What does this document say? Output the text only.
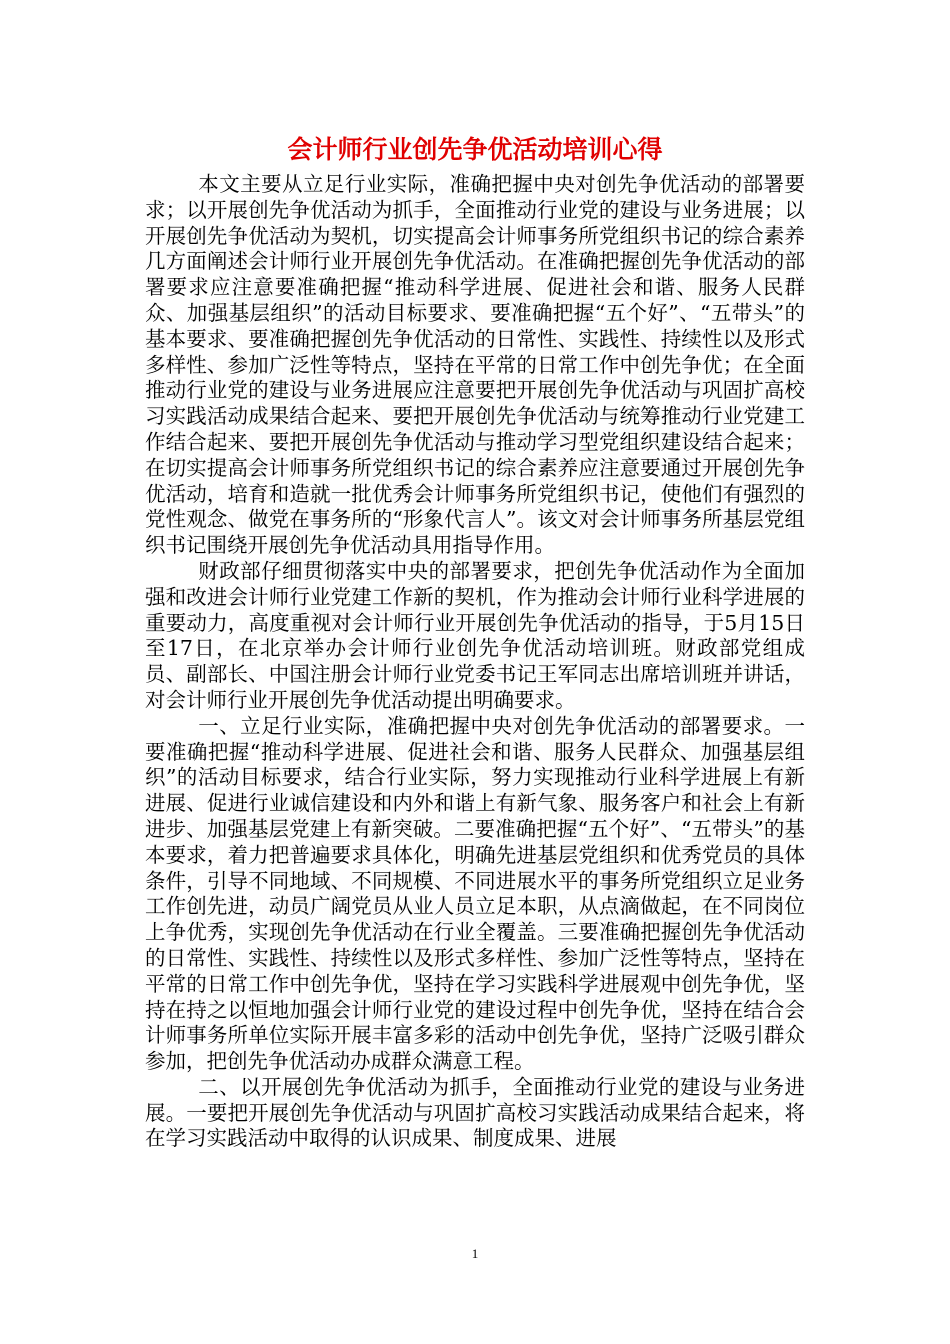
会计师行业创先争优活动培训心得

本文主要从立足行业实际，准确把握中央对创先争优活动的部署要求；以开展创先争优活动为抓手，全面推动行业党的建设与业务进展；以开展创先争优活动为契机，切实提高会计师事务所党组织书记的综合素养几方面阐述会计师行业开展创先争优活动。在准确把握创先争优活动的部署要求应注意要准确把握“推动科学进展、促进社会和谐、服务人民群众、加强基层组织”的活动目标要求、要准确把握“五个好”、“五带头”的基本要求、要准确把握创先争优活动的日常性、实践性、持续性以及形式多样性、参加广泛性等特点，坚持在平常的日常工作中创先争优；在全面推动行业党的建设与业务进展应注意要把开展创先争优活动与巩固扩高校习实践活动成果结合起来、要把开展创先争优活动与统筹推动行业党建工作结合起来、要把开展创先争优活动与推动学习型党组织建设结合起来；在切实提高会计师事务所党组织书记的综合素养应注意要通过开展创先争优活动，培育和造就一批优秀会计师事务所党组织书记，使他们有强烈的党性观念、做党在事务所的“形象代言人”。该文对会计师事务所基层党组织书记围绕开展创先争优活动具用指导作用。

财政部仔细贯彻落实中央的部署要求，把创先争优活动作为全面加强和改进会计师行业党建工作新的契机，作为推动会计师行业科学进展的重要动力，高度重视对会计师行业开展创先争优活动的指导，于5月15日至17日，在北京举办会计师行业创先争优活动培训班。财政部党组成员、副部长、中国注册会计师行业党委书记王军同志出席培训班并讲话，对会计师行业开展创先争优活动提出明确要求。

一、立足行业实际，准确把握中央对创先争优活动的部署要求。一要准确把握“推动科学进展、促进社会和谐、服务人民群众、加强基层组织”的活动目标要求，结合行业实际，努力实现推动行业科学进展上有新进展、促进行业诚信建设和内外和谐上有新气象、服务客户和社会上有新进步、加强基层党建上有新突破。二要准确把握“五个好”、“五带头”的基本要求，着力把普遍要求具体化，明确先进基层党组织和优秀党员的具体条件，引导不同地域、不同规模、不同进展水平的事务所党组织立足业务工作创先进，动员广阔党员从业人员立足本职，从点滴做起，在不同岗位上争优秀，实现创先争优活动在行业全覆盖。三要准确把握创先争优活动的日常性、实践性、持续性以及形式多样性、参加广泛性等特点，坚持在平常的日常工作中创先争优，坚持在学习实践科学进展观中创先争优，坚持在持之以恒地加强会计师行业党的建设过程中创先争优，坚持在结合会计师事务所单位实际开展丰富多彩的活动中创先争优，坚持广泛吸引群众参加，把创先争优活动办成群众满意工程。

二、以开展创先争优活动为抓手，全面推动行业党的建设与业务进展。一要把开展创先争优活动与巩固扩高校习实践活动成果结合起来，将在学习实践活动中取得的认识成果、制度成果、进展

1
